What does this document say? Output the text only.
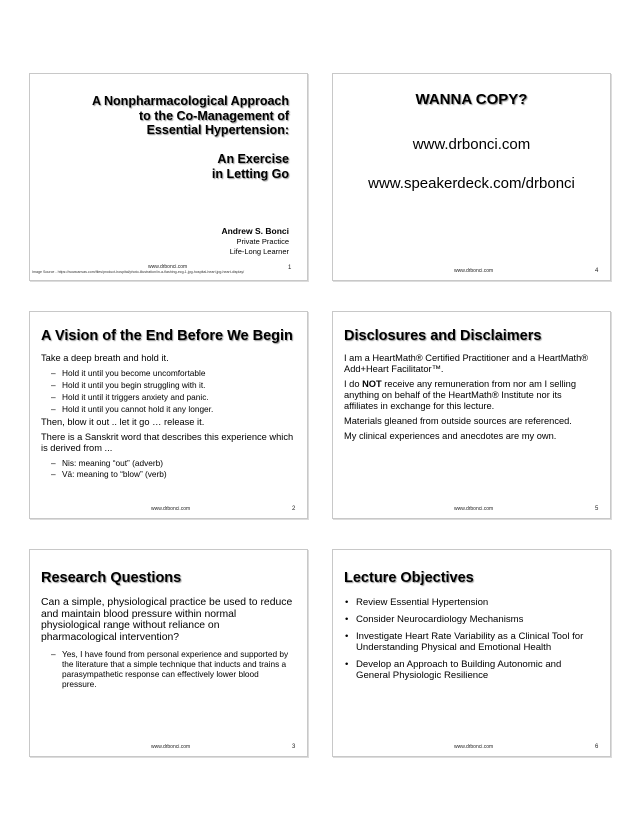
A Nonpharmacological Approach
to the Co-Management of
Essential Hypertension:
An Exercise
in Letting Go
Andrew S. Bonci
Private Practice
Life-Long Learner
Image Source - https://wowcanvas.com/files/product-hospital/photo-illustration/in-a-flashing-ecg-1.jpg-hospital-heart.jpg-heart-display/
www.drbonci.com	1
WANNA COPY?
www.drbonci.com
www.speakerdeck.com/drbonci
www.drbonci.com	4
A Vision of the End Before We Begin

Take a deep breath and hold it.

– Hold it until you become uncomfortable
– Hold it until you begin struggling with it.
– Hold it until it triggers anxiety and panic.
– Hold it until you cannot hold it any longer.

Then, blow it out .. let it go … release it.

There is a Sanskrit word that describes this experience which is derived from ...

– Nis: meaning “out” (adverb)
– Vā: meaning to “blow” (verb)
www.drbonci.com	2
Disclosures and Disclaimers

I am a HeartMath® Certified Practitioner and a HeartMath® Add+Heart Facilitator™.

I do NOT receive any remuneration from nor am I selling anything on behalf of the HeartMath® Institute nor its affiliates in exchange for this lecture.

Materials gleaned from outside sources are referenced.

My clinical experiences and anecdotes are my own.

www.drbonci.com	5
Research Questions

Can a simple, physiological practice be used to reduce and maintain blood pressure within normal physiological range without reliance on pharmacological intervention?

– Yes, I have found from personal experience and supported by the literature that a simple technique that inducts and trains a parasympathetic response can effectively lower blood pressure.
www.drbonci.com	3
Lecture Objectives
• Review Essential Hypertension
• Consider Neurocardiology Mechanisms
• Investigate Heart Rate Variability as a Clinical Tool for Understanding Physical and Emotional Health
• Develop an Approach to Building Autonomic and General Physiologic Resilience
www.drbonci.com	6
